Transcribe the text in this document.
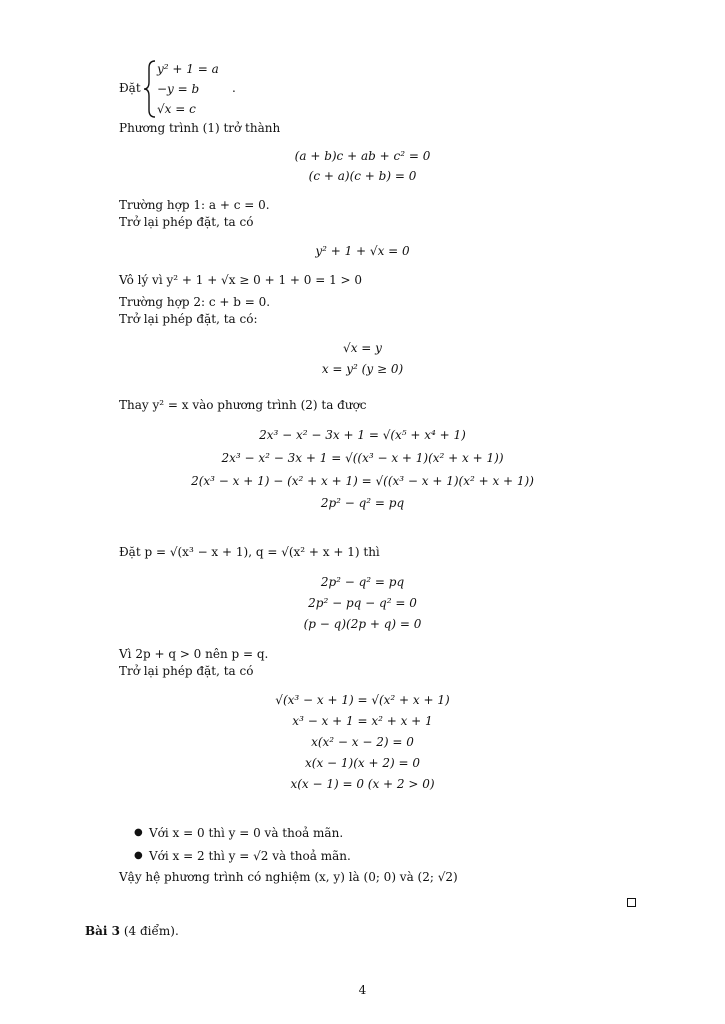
Đặt
y² + 1 = a
−y = b
√x = c
.
Phương trình (1) trở thành
(a + b)c + ab + c² = 0
(c + a)(c + b) = 0
Trường hợp 1: a + c = 0.
Trở lại phép đặt, ta có
y² + 1 + √x = 0
Vô lý vì y² + 1 + √x ≥ 0 + 1 + 0 = 1 > 0
Trường hợp 2: c + b = 0.
Trở lại phép đặt, ta có:
√x = y
x = y² (y ≥ 0)
Thay y² = x vào phương trình (2) ta được
2x³ − x² − 3x + 1 = √(x⁵ + x⁴ + 1)
2x³ − x² − 3x + 1 = √((x³ − x + 1)(x² + x + 1))
2(x³ − x + 1) − (x² + x + 1) = √((x³ − x + 1)(x² + x + 1))
2p² − q² = pq
Đặt p = √(x³ − x + 1), q = √(x² + x + 1) thì
2p² − q² = pq
2p² − pq − q² = 0
(p − q)(2p + q) = 0
Vì 2p + q > 0 nên p = q.
Trở lại phép đặt, ta có
√(x³ − x + 1) = √(x² + x + 1)
x³ − x + 1 = x² + x + 1
x(x² − x − 2) = 0
x(x − 1)(x + 2) = 0
x(x − 1) = 0 (x + 2 > 0)
● Với x = 0 thì y = 0 và thoả mãn.
● Với x = 2 thì y = √2 và thoả mãn.
Vậy hệ phương trình có nghiệm (x, y) là (0; 0) và (2; √2)
Bài 3 (4 điểm).
4
